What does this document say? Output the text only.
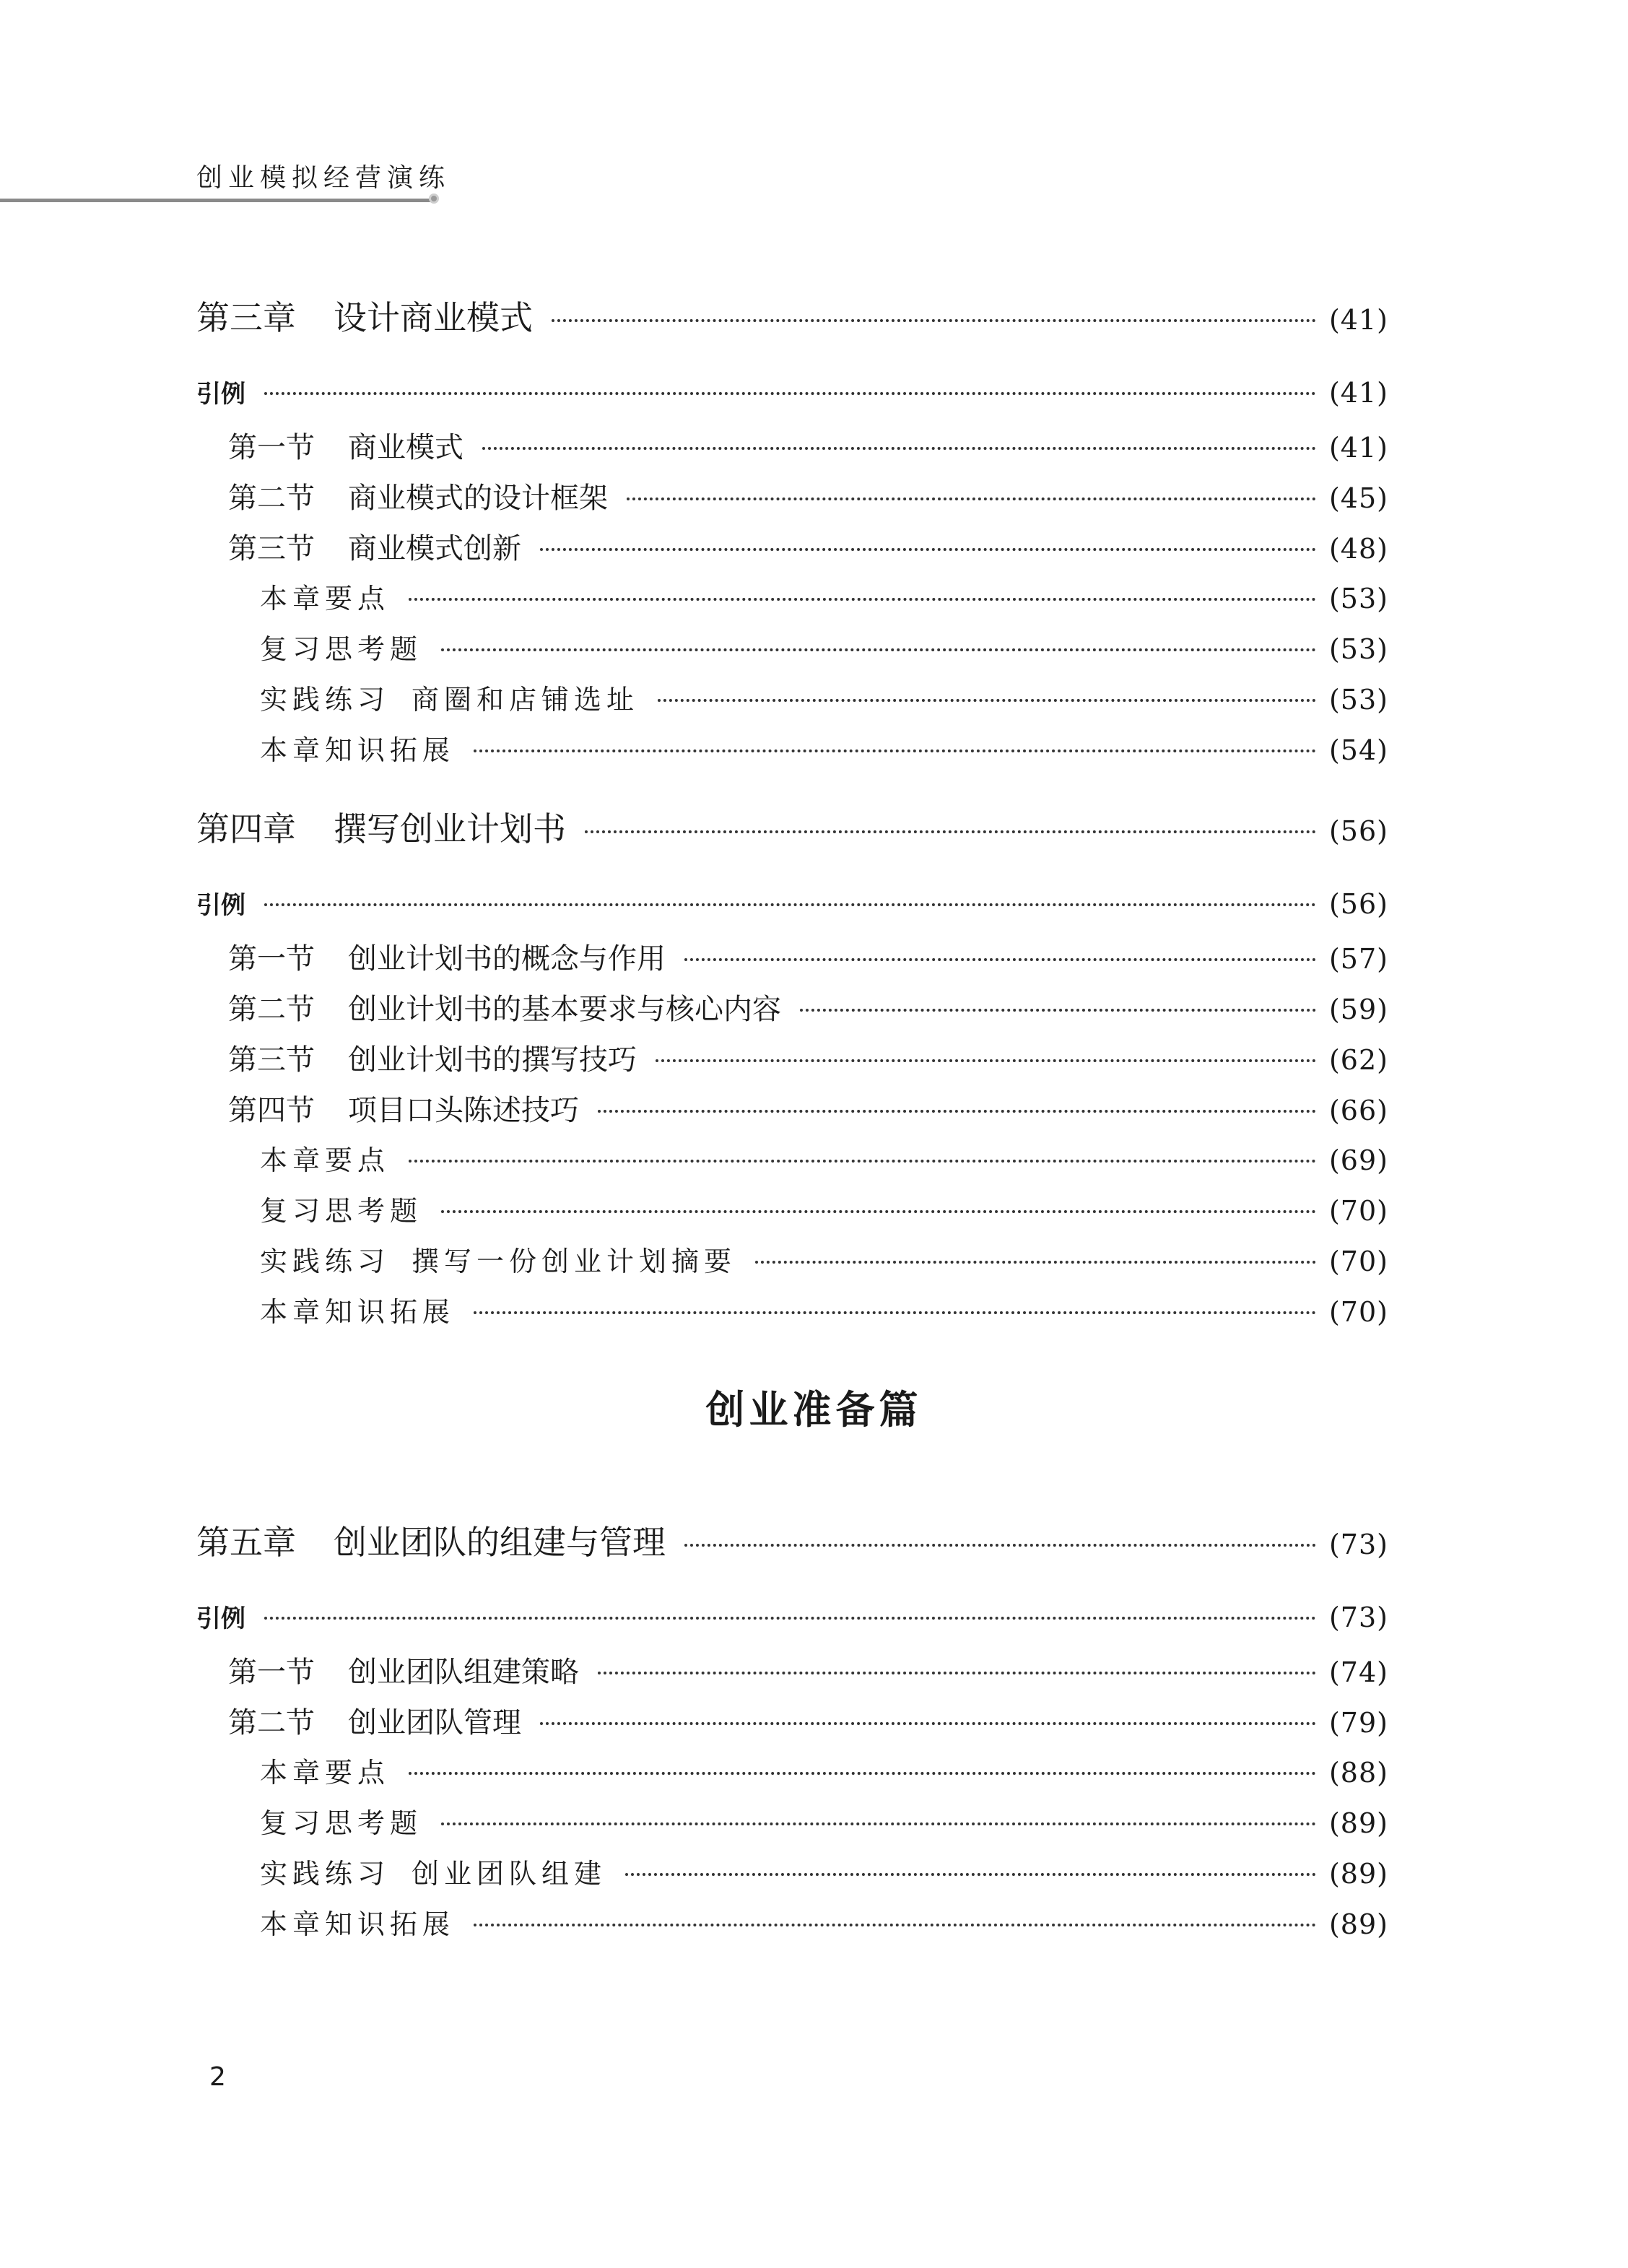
创业模拟经营演练
第三章 设计商业模式	(41)
引例	(41)
第一节 商业模式	(41)
第二节 商业模式的设计框架	(45)
第三节 商业模式创新	(48)
本章要点	(53)
复习思考题	(53)
实践练习 商圈和店铺选址	(53)
本章知识拓展	(54)
第四章 撰写创业计划书	(56)
引例	(56)
第一节 创业计划书的概念与作用	(57)
第二节 创业计划书的基本要求与核心内容	(59)
第三节 创业计划书的撰写技巧	(62)
第四节 项目口头陈述技巧	(66)
本章要点	(69)
复习思考题	(70)
实践练习 撰写一份创业计划摘要	(70)
本章知识拓展	(70)
创业准备篇
第五章 创业团队的组建与管理	(73)
引例	(73)
第一节 创业团队组建策略	(74)
第二节 创业团队管理	(79)
本章要点	(88)
复习思考题	(89)
实践练习 创业团队组建	(89)
本章知识拓展	(89)
2
